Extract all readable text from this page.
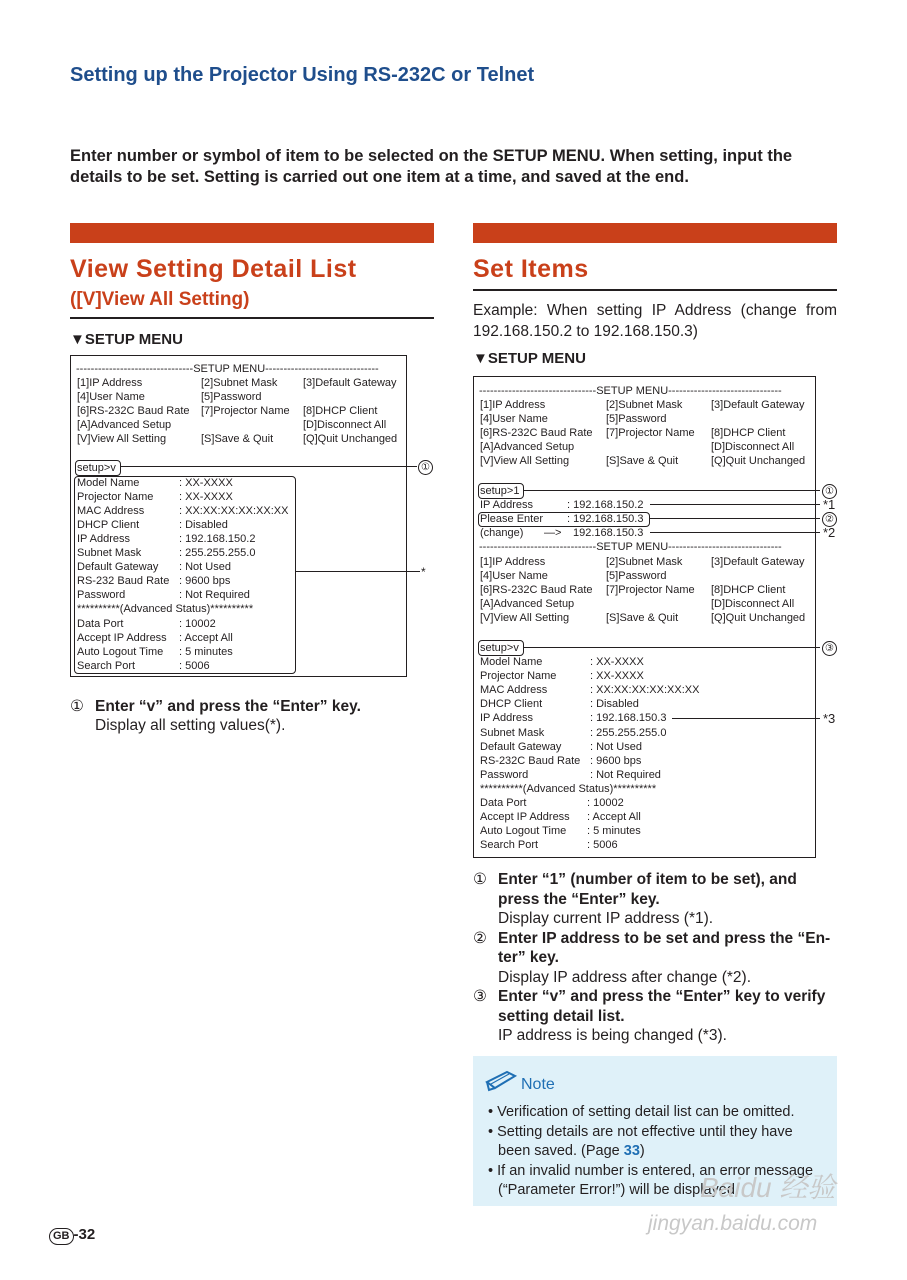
Setting up the Projector Using RS-232C or Telnet
Enter number or symbol of item to be selected on the SETUP MENU. When setting, input the details to be set. Setting is carried out one item at a time, and saved at the end.
View Setting Detail List
([V]View All Setting)
▼SETUP MENU
--------------------------------SETUP MENU-------------------------------
[1]IP Address	[2]Subnet Mask [3]Default Gateway
[4]User Name	[5]Password
[6]RS-232C Baud Rate [7]Projector Name [8]DHCP Client
[A]Advanced Setup	[D]Disconnect All
[V]View All Setting	[S]Save & Quit	[Q]Quit Unchanged
setup>v
Model Name	: XX-XXXX
Projector Name : XX-XXXX
MAC Address	: XX:XX:XX:XX:XX:XX
DHCP Client	: Disabled
IP Address	: 192.168.150.2
Subnet Mask	: 255.255.255.0
Default Gateway : Not Used
RS-232 Baud Rate : 9600 bps
Password	: Not Required
**********(Advanced Status)**********
Data Port	: 10002
Accept IP Address : Accept All
Auto Logout Time : 5 minutes
Search Port	: 5006
①
*
① Enter “v” and press the “Enter” key.
Display all setting values(*).
Set Items
Example: When setting IP Address (change from 192.168.150.2 to 192.168.150.3)
▼SETUP MENU
--------------------------------SETUP MENU-------------------------------
[1]IP Address	[2]Subnet Mask	[3]Default Gateway
[4]User Name	[5]Password
[6]RS-232C Baud Rate [7]Projector Name [8]DHCP Client
[A]Advanced Setup	[D]Disconnect All
[V]View All Setting	[S]Save & Quit	[Q]Quit Unchanged
setup>1
IP Address	: 192.168.150.2
Please Enter : 192.168.150.3
(change) —> 192.168.150.3
--------------------------------SETUP MENU-------------------------------
[1]IP Address	[2]Subnet Mask	[3]Default Gateway
[4]User Name	[5]Password
[6]RS-232C Baud Rate [7]Projector Name [8]DHCP Client
[A]Advanced Setup	[D]Disconnect All
[V]View All Setting	[S]Save & Quit	[Q]Quit Unchanged
setup>v
Model Name	: XX-XXXX
Projector Name	: XX-XXXX
MAC Address	: XX:XX:XX:XX:XX:XX
DHCP Client	: Disabled
IP Address	: 192.168.150.3
Subnet Mask	: 255.255.255.0
Default Gateway	: Not Used
RS-232C Baud Rate : 9600 bps
Password	: Not Required
**********(Advanced Status)**********
Data Port	: 10002
Accept IP Address : Accept All
Auto Logout Time : 5 minutes
Search Port	: 5006
①
*1
②
*2
③
*3
① Enter “1” (number of item to be set), and press the “Enter” key.
Display current IP address (*1).
② Enter IP address to be set and press the “En-ter” key.
Display IP address after change (*2).
③ Enter “v” and press the “Enter” key to verify setting detail list.
IP address is being changed (*3).
Note
• Verification of setting detail list can be omitted.
• Setting details are not effective until they have been saved. (Page 33)
• If an invalid number is entered, an error message (“Parameter Error!”) will be displayed.
GB -32
Baidu 经验
jingyan.baidu.com
